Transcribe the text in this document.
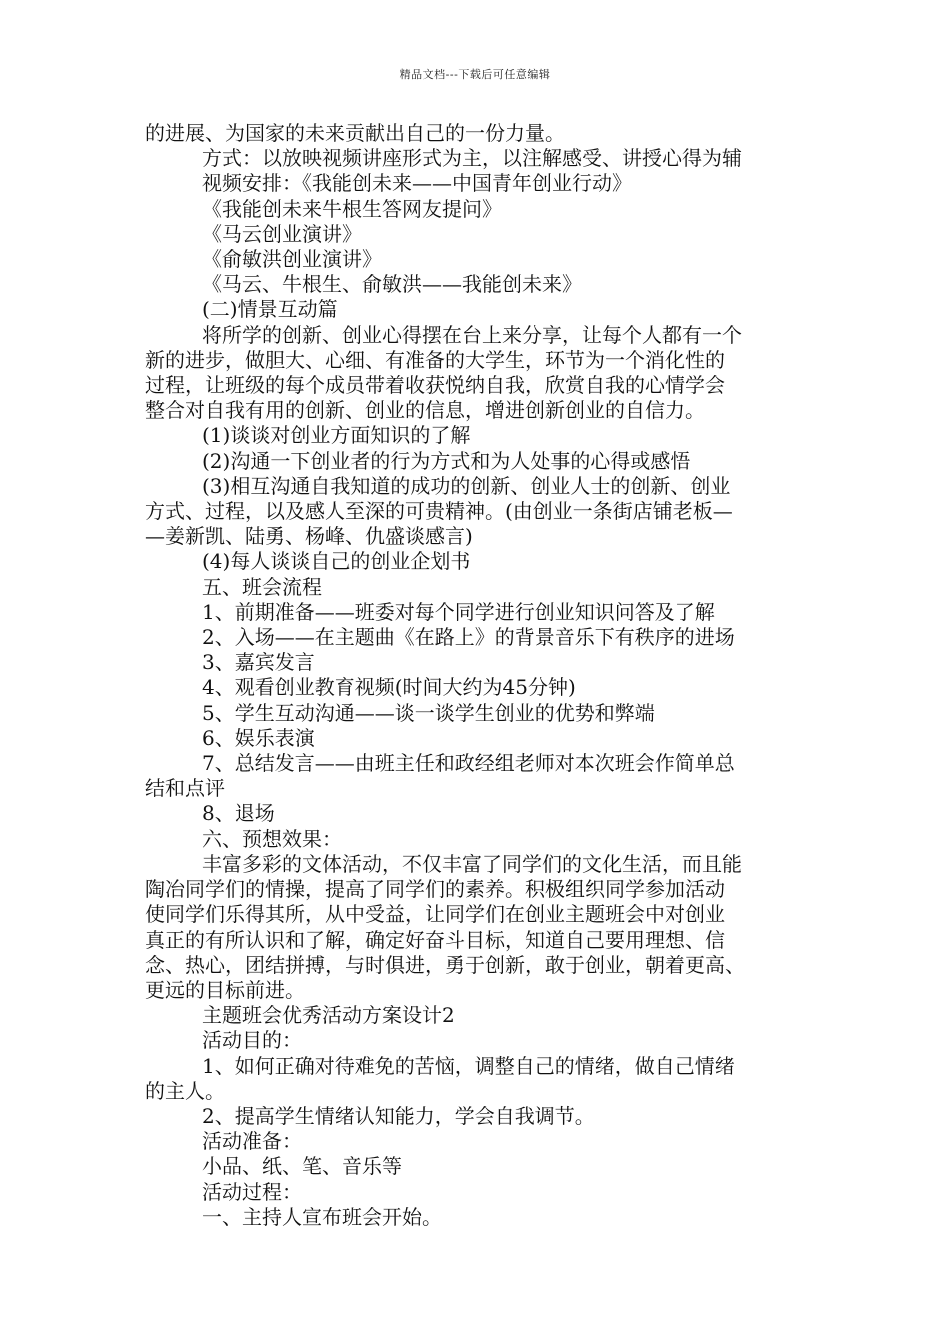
精品文档---下载后可任意编辑

的进展、为国家的未来贡献出自己的一份力量。

方式：以放映视频讲座形式为主，以注解感受、讲授心得为辅

视频安排：《我能创未来——中国青年创业行动》

《我能创未来牛根生答网友提问》

《马云创业演讲》

《俞敏洪创业演讲》

《马云、牛根生、俞敏洪——我能创未来》

(二)情景互动篇

将所学的创新、创业心得摆在台上来分享，让每个人都有一个

新的进步，做胆大、心细、有准备的大学生，环节为一个消化性的

过程，让班级的每个成员带着收获悦纳自我，欣赏自我的心情学会

整合对自我有用的创新、创业的信息，增进创新创业的自信力。

(1)谈谈对创业方面知识的了解

(2)沟通一下创业者的行为方式和为人处事的心得或感悟

(3)相互沟通自我知道的成功的创新、创业人士的创新、创业

方式、过程，以及感人至深的可贵精神。(由创业一条街店铺老板—

—姜新凯、陆勇、杨峰、仇盛谈感言)

(4)每人谈谈自己的创业企划书

五、班会流程

1、前期准备——班委对每个同学进行创业知识问答及了解

2、入场——在主题曲《在路上》的背景音乐下有秩序的进场

3、嘉宾发言

4、观看创业教育视频(时间大约为45分钟)

5、学生互动沟通——谈一谈学生创业的优势和弊端

6、娱乐表演

7、总结发言——由班主任和政经组老师对本次班会作简单总

结和点评

8、退场

六、预想效果：

丰富多彩的文体活动，不仅丰富了同学们的文化生活，而且能

陶冶同学们的情操，提高了同学们的素养。积极组织同学参加活动

使同学们乐得其所，从中受益，让同学们在创业主题班会中对创业

真正的有所认识和了解，确定好奋斗目标，知道自己要用理想、信

念、热心，团结拼搏，与时俱进，勇于创新，敢于创业，朝着更高、

更远的目标前进。

主题班会优秀活动方案设计2

活动目的：

1、如何正确对待难免的苦恼，调整自己的情绪，做自己情绪

的主人。

2、提高学生情绪认知能力，学会自我调节。

活动准备：

小品、纸、笔、音乐等

活动过程：

一、主持人宣布班会开始。
